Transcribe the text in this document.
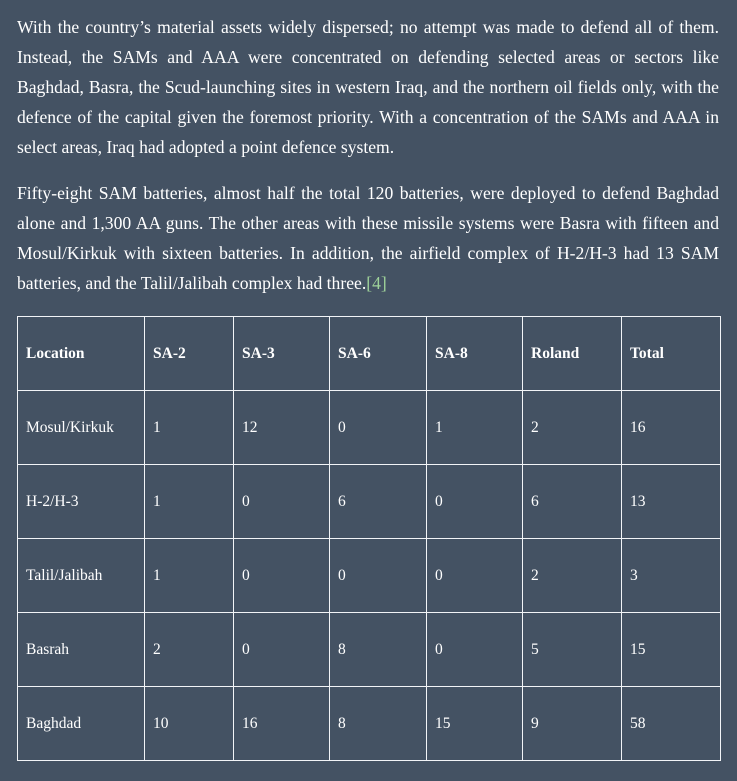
With the country’s material assets widely dispersed; no attempt was made to defend all of them. Instead, the SAMs and AAA were concentrated on defending selected areas or sectors like Baghdad, Basra, the Scud-launching sites in western Iraq, and the northern oil fields only, with the defence of the capital given the foremost priority. With a concentration of the SAMs and AAA in select areas, Iraq had adopted a point defence system.

Fifty-eight SAM batteries, almost half the total 120 batteries, were deployed to defend Baghdad alone and 1,300 AA guns. The other areas with these missile systems were Basra with fifteen and Mosul/Kirkuk with sixteen batteries. In addition, the airfield complex of H-2/H-3 had 13 SAM batteries, and the Talil/Jalibah complex had three.[4]

Location	SA-2	SA-3	SA-6	SA-8	Roland	Total
Mosul/Kirkuk	1	12	0	1	2	16
H-2/H-3	1	0	6	0	6	13
Talil/Jalibah	1	0	0	0	2	3
Basrah	2	0	8	0	5	15
Baghdad	10	16	8	15	9	58
